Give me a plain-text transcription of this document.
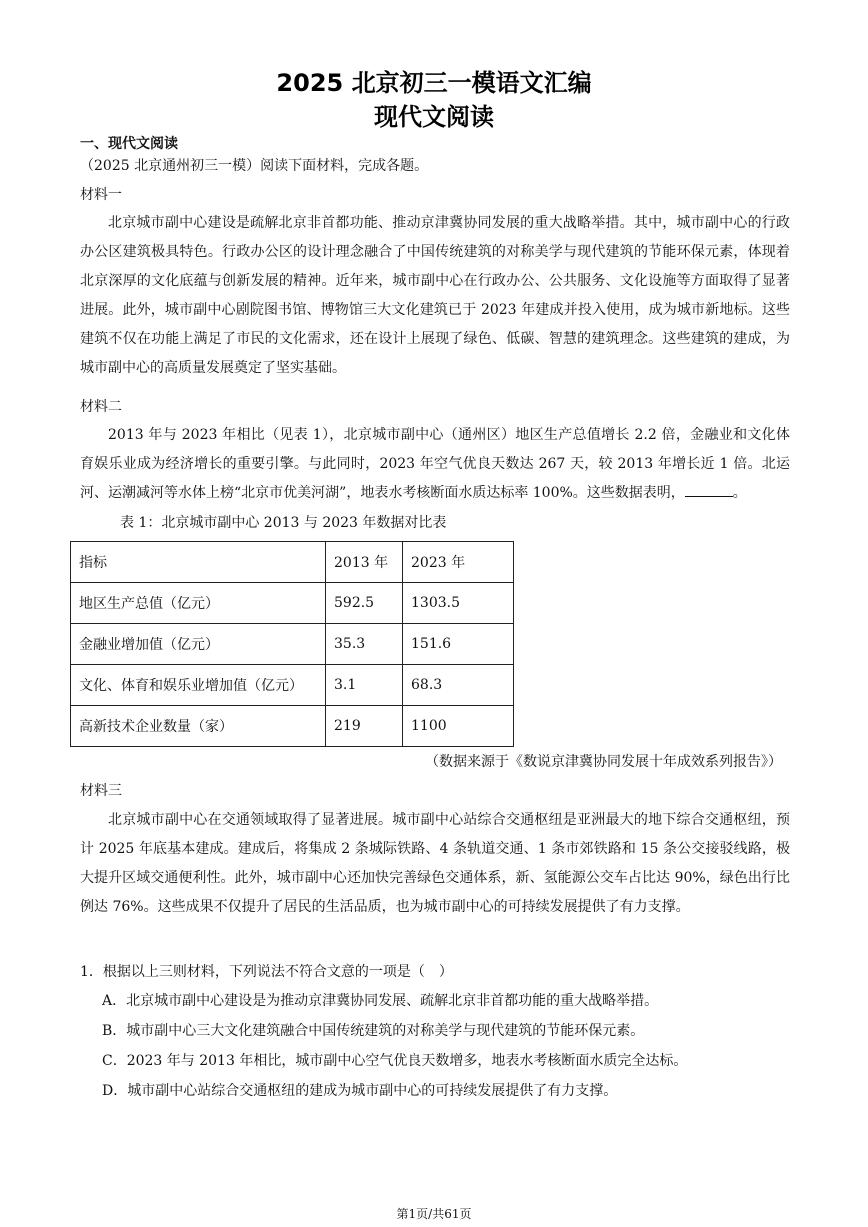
2025 北京初三一模语文汇编
现代文阅读
一、现代文阅读
（2025 北京通州初三一模）阅读下面材料，完成各题。
材料一
北京城市副中心建设是疏解北京非首都功能、推动京津冀协同发展的重大战略举措。其中，城市副中心的行政办公区建筑极具特色。行政办公区的设计理念融合了中国传统建筑的对称美学与现代建筑的节能环保元素，体现着北京深厚的文化底蕴与创新发展的精神。近年来，城市副中心在行政办公、公共服务、文化设施等方面取得了显著进展。此外，城市副中心剧院图书馆、博物馆三大文化建筑已于 2023 年建成并投入使用，成为城市新地标。这些建筑不仅在功能上满足了市民的文化需求，还在设计上展现了绿色、低碳、智慧的建筑理念。这些建筑的建成，为城市副中心的高质量发展奠定了坚实基础。
材料二
2013 年与 2023 年相比（见表 1），北京城市副中心（通州区）地区生产总值增长 2.2 倍，金融业和文化体育娱乐业成为经济增长的重要引擎。与此同时，2023 年空气优良天数达 267 天，较 2013 年增长近 1 倍。北运河、运潮减河等水体上榜“北京市优美河湖”，地表水考核断面水质达标率 100%。这些数据表明，	。
表 1：北京城市副中心 2013 与 2023 年数据对比表
指标	2013 年	2023 年
地区生产总值（亿元）	592.5	1303.5
金融业增加值（亿元）	35.3	151.6
文化、体育和娱乐业增加值（亿元）	3.1	68.3
高新技术企业数量（家）	219	1100
（数据来源于《数说京津冀协同发展十年成效系列报告》）
材料三
北京城市副中心在交通领域取得了显著进展。城市副中心站综合交通枢纽是亚洲最大的地下综合交通枢纽，预计 2025 年底基本建成。建成后，将集成 2 条城际铁路、4 条轨道交通、1 条市郊铁路和 15 条公交接驳线路，极大提升区域交通便利性。此外，城市副中心还加快完善绿色交通体系，新、氢能源公交车占比达 90%，绿色出行比例达 76%。这些成果不仅提升了居民的生活品质，也为城市副中心的可持续发展提供了有力支撑。
1．根据以上三则材料，下列说法不符合文意的一项是（　）
A．北京城市副中心建设是为推动京津冀协同发展、疏解北京非首都功能的重大战略举措。
B．城市副中心三大文化建筑融合中国传统建筑的对称美学与现代建筑的节能环保元素。
C．2023 年与 2013 年相比，城市副中心空气优良天数增多，地表水考核断面水质完全达标。
D．城市副中心站综合交通枢纽的建成为城市副中心的可持续发展提供了有力支撑。
第1页/共61页
